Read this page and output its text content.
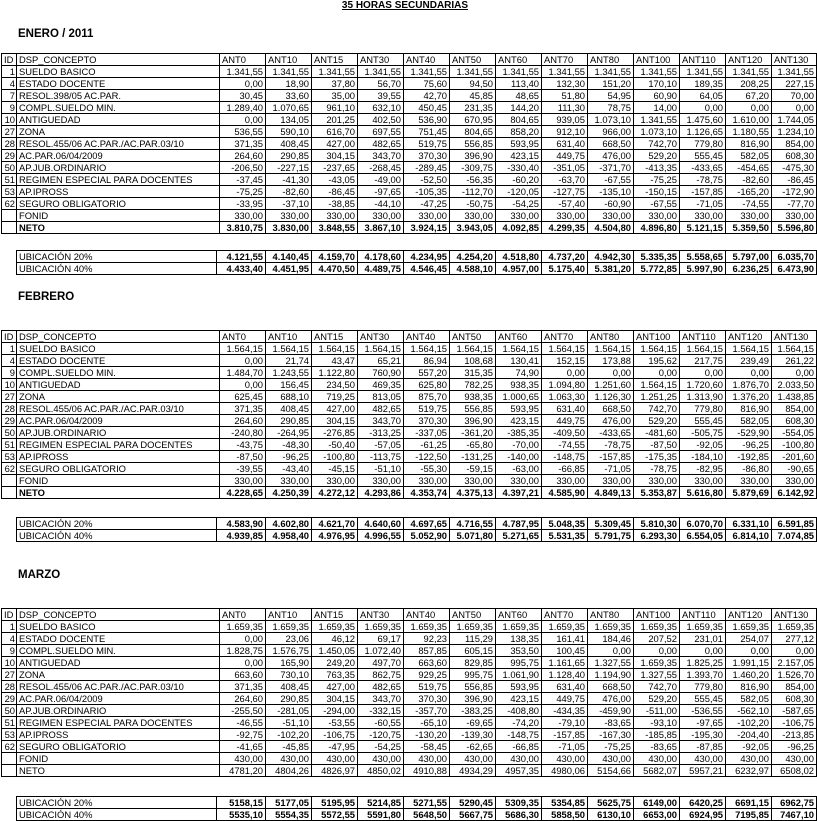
35 HORAS SECUNDARIAS
ENERO / 2011
ID	DSP_CONCEPTO	ANT0	ANT10	ANT15	ANT30	ANT40	ANT50	ANT60	ANT70	ANT80	ANT100	ANT110	ANT120	ANT130
1	SUELDO BASICO	1.341,55	1.341,55	1.341,55	1.341,55	1.341,55	1.341,55	1.341,55	1.341,55	1.341,55	1.341,55	1.341,55	1.341,55	1.341,55
4	ESTADO DOCENTE	0,00	18,90	37,80	56,70	75,60	94,50	113,40	132,30	151,20	170,10	189,35	208,25	227,15
7	RESOL.398/05 AC.PAR.	30,45	33,60	35,00	39,55	42,70	45,85	48,65	51,80	54,95	60,90	64,05	67,20	70,00
9	COMPL.SUELDO MIN.	1.289,40	1.070,65	961,10	632,10	450,45	231,35	144,20	111,30	78,75	14,00	0,00	0,00	0,00
10	ANTIGUEDAD	0,00	134,05	201,25	402,50	536,90	670,95	804,65	939,05	1.073,10	1.341,55	1.475,60	1.610,00	1.744,05
27	ZONA	536,55	590,10	616,70	697,55	751,45	804,65	858,20	912,10	966,00	1.073,10	1.126,65	1.180,55	1.234,10
28	RESOL.455/06 AC.PAR./AC.PAR.03/10	371,35	408,45	427,00	482,65	519,75	556,85	593,95	631,40	668,50	742,70	779,80	816,90	854,00
29	AC.PAR.06/04/2009	264,60	290,85	304,15	343,70	370,30	396,90	423,15	449,75	476,00	529,20	555,45	582,05	608,30
50	AP.JUB.ORDINARIO	-206,50	-227,15	-237,65	-268,45	-289,45	-309,75	-330,40	-351,05	-371,70	-413,35	-433,65	-454,65	-475,30
51	REGIMEN ESPECIAL PARA DOCENTES	-37,45	-41,30	-43,05	-49,00	-52,50	-56,35	-60,20	-63,70	-67,55	-75,25	-78,75	-82,60	-86,45
53	AP.IPROSS	-75,25	-82,60	-86,45	-97,65	-105,35	-112,70	-120,05	-127,75	-135,10	-150,15	-157,85	-165,20	-172,90
62	SEGURO OBLIGATORIO	-33,95	-37,10	-38,85	-44,10	-47,25	-50,75	-54,25	-57,40	-60,90	-67,55	-71,05	-74,55	-77,70
	FONID	330,00	330,00	330,00	330,00	330,00	330,00	330,00	330,00	330,00	330,00	330,00	330,00	330,00
	NETO	3.810,75	3.830,00	3.848,55	3.867,10	3.924,15	3.943,05	4.092,85	4.299,35	4.504,80	4.896,80	5.121,15	5.359,50	5.596,80
UBICACIÓN 20%	4.121,55	4.140,45	4.159,70	4.178,60	4.234,95	4.254,20	4.518,80	4.737,20	4.942,30	5.335,35	5.558,65	5.797,00	6.035,70
UBICACIÓN 40%	4.433,40	4.451,95	4.470,50	4.489,75	4.546,45	4.588,10	4.957,00	5.175,40	5.381,20	5.772,85	5.997,90	6.236,25	6.473,90
FEBRERO
ID	DSP_CONCEPTO	ANT0	ANT10	ANT15	ANT30	ANT40	ANT50	ANT60	ANT70	ANT80	ANT100	ANT110	ANT120	ANT130
1	SUELDO BASICO	1.564,15	1.564,15	1.564,15	1.564,15	1.564,15	1.564,15	1.564,15	1.564,15	1.564,15	1.564,15	1.564,15	1.564,15	1.564,15
4	ESTADO DOCENTE	0,00	21,74	43,47	65,21	86,94	108,68	130,41	152,15	173,88	195,62	217,75	239,49	261,22
9	COMPL.SUELDO MIN.	1.484,70	1.243,55	1.122,80	760,90	557,20	315,35	74,90	0,00	0,00	0,00	0,00	0,00	0,00
10	ANTIGUEDAD	0,00	156,45	234,50	469,35	625,80	782,25	938,35	1.094,80	1.251,60	1.564,15	1.720,60	1.876,70	2.033,50
27	ZONA	625,45	688,10	719,25	813,05	875,70	938,35	1.000,65	1.063,30	1.126,30	1.251,25	1.313,90	1.376,20	1.438,85
28	RESOL.455/06 AC.PAR./AC.PAR.03/10	371,35	408,45	427,00	482,65	519,75	556,85	593,95	631,40	668,50	742,70	779,80	816,90	854,00
29	AC.PAR.06/04/2009	264,60	290,85	304,15	343,70	370,30	396,90	423,15	449,75	476,00	529,20	555,45	582,05	608,30
50	AP.JUB.ORDINARIO	-240,80	-264,95	-276,85	-313,25	-337,05	-361,20	-385,35	-409,50	-433,65	-481,60	-505,75	-529,90	-554,05
51	REGIMEN ESPECIAL PARA DOCENTES	-43,75	-48,30	-50,40	-57,05	-61,25	-65,80	-70,00	-74,55	-78,75	-87,50	-92,05	-96,25	-100,80
53	AP.IPROSS	-87,50	-96,25	-100,80	-113,75	-122,50	-131,25	-140,00	-148,75	-157,85	-175,35	-184,10	-192,85	-201,60
62	SEGURO OBLIGATORIO	-39,55	-43,40	-45,15	-51,10	-55,30	-59,15	-63,00	-66,85	-71,05	-78,75	-82,95	-86,80	-90,65
	FONID	330,00	330,00	330,00	330,00	330,00	330,00	330,00	330,00	330,00	330,00	330,00	330,00	330,00
	NETO	4.228,65	4.250,39	4.272,12	4.293,86	4.353,74	4.375,13	4.397,21	4.585,90	4.849,13	5.353,87	5.616,80	5.879,69	6.142,92
UBICACIÓN 20%	4.583,90	4.602,80	4.621,70	4.640,60	4.697,65	4.716,55	4.787,95	5.048,35	5.309,45	5.810,30	6.070,70	6.331,10	6.591,85
UBICACIÓN 40%	4.939,85	4.958,40	4.976,95	4.996,55	5.052,90	5.071,80	5.271,65	5.531,35	5.791,75	6.293,30	6.554,05	6.814,10	7.074,85
MARZO
ID	DSP_CONCEPTO	ANT0	ANT10	ANT15	ANT30	ANT40	ANT50	ANT60	ANT70	ANT80	ANT100	ANT110	ANT120	ANT130
1	SUELDO BASICO	1.659,35	1.659,35	1.659,35	1.659,35	1.659,35	1.659,35	1.659,35	1.659,35	1.659,35	1.659,35	1.659,35	1.659,35	1.659,35
4	ESTADO DOCENTE	0,00	23,06	46,12	69,17	92,23	115,29	138,35	161,41	184,46	207,52	231,01	254,07	277,12
9	COMPL.SUELDO MIN.	1.828,75	1.576,75	1.450,05	1.072,40	857,85	605,15	353,50	100,45	0,00	0,00	0,00	0,00	0,00
10	ANTIGUEDAD	0,00	165,90	249,20	497,70	663,60	829,85	995,75	1.161,65	1.327,55	1.659,35	1.825,25	1.991,15	2.157,05
27	ZONA	663,60	730,10	763,35	862,75	929,25	995,75	1.061,90	1.128,40	1.194,90	1.327,55	1.393,70	1.460,20	1.526,70
28	RESOL.455/06 AC.PAR./AC.PAR.03/10	371,35	408,45	427,00	482,65	519,75	556,85	593,95	631,40	668,50	742,70	779,80	816,90	854,00
29	AC.PAR.06/04/2009	264,60	290,85	304,15	343,70	370,30	396,90	423,15	449,75	476,00	529,20	555,45	582,05	608,30
50	AP.JUB.ORDINARIO	-255,50	-281,05	-294,00	-332,15	-357,70	-383,25	-408,80	-434,35	-459,90	-511,00	-536,55	-562,10	-587,65
51	REGIMEN ESPECIAL PARA DOCENTES	-46,55	-51,10	-53,55	-60,55	-65,10	-69,65	-74,20	-79,10	-83,65	-93,10	-97,65	-102,20	-106,75
53	AP.IPROSS	-92,75	-102,20	-106,75	-120,75	-130,20	-139,30	-148,75	-157,85	-167,30	-185,85	-195,30	-204,40	-213,85
62	SEGURO OBLIGATORIO	-41,65	-45,85	-47,95	-54,25	-58,45	-62,65	-66,85	-71,05	-75,25	-83,65	-87,85	-92,05	-96,25
	FONID	430,00	430,00	430,00	430,00	430,00	430,00	430,00	430,00	430,00	430,00	430,00	430,00	430,00
	NETO	4781,20	4804,26	4826,97	4850,02	4910,88	4934,29	4957,35	4980,06	5154,66	5682,07	5957,21	6232,97	6508,02
UBICACIÓN 20%	5158,15	5177,05	5195,95	5214,85	5271,55	5290,45	5309,35	5354,85	5625,75	6149,00	6420,25	6691,15	6962,75
UBICACIÓN 40%	5535,10	5554,35	5572,55	5591,80	5648,50	5667,75	5686,30	5858,50	6130,10	6653,00	6924,95	7195,85	7467,10
